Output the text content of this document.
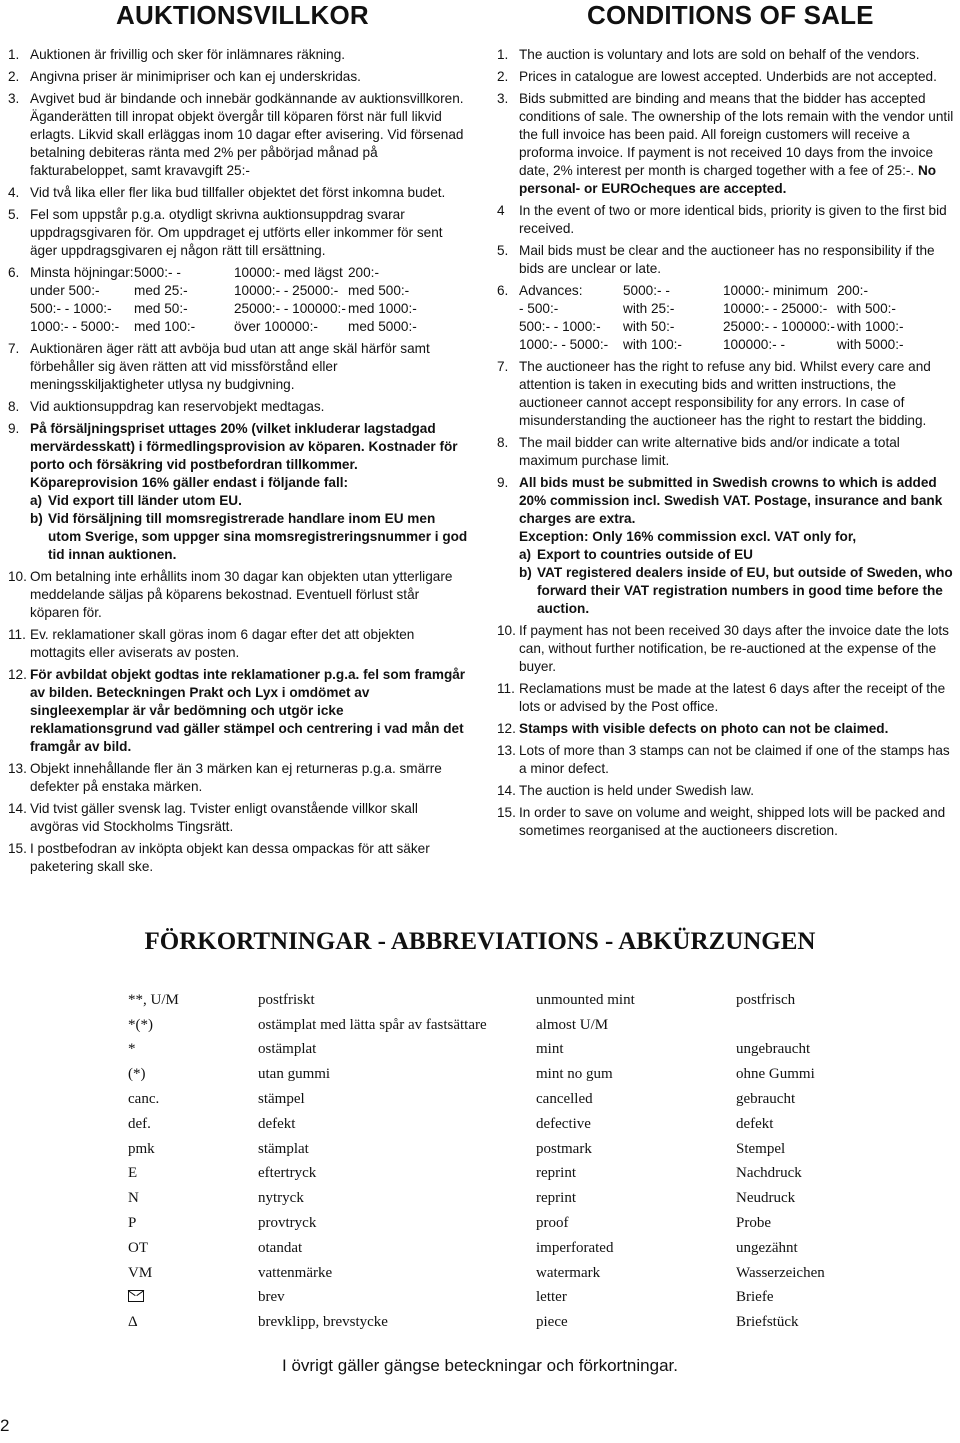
AUKTIONSVILLKOR
1. Auktionen är frivillig och sker för inlämnares räkning.
2. Angivna priser är minimipriser och kan ej underskridas.
3. Avgivet bud är bindande och innebär godkännande av auktionsvillkoren. Äganderätten till inropat objekt övergår till köparen först när full likvid erlagts. Likvid skall erläggas inom 10 dagar efter avisering. Vid försenad betalning debiteras ränta med 2% per påbörjad månad på fakturabeloppet, samt kravavgift 25:-
4. Vid två lika eller fler lika bud tillfaller objektet det först inkomna budet.
5. Fel som uppstår p.g.a. otydligt skrivna auktionsuppdrag svarar uppdragsgivaren för. Om uppdraget ej utförts eller inkommer för sent äger uppdragsgivaren ej någon rätt till ersättning.
6. Minsta höjningar: 5000:- -	10000:- med lägst 200:-
under 500:-	med 25:-	10000:- - 25000:- med 500:-
500:- - 1000:-	med 50:-	25000:- - 100000:- med 1000:-
1000:- - 5000:-	med 100:-	över 100000:-	med 5000:-
7. Auktionären äger rätt att avböja bud utan att ange skäl härför samt förbehåller sig även rätten att vid missförstånd eller meningsskiljaktigheter utlysa ny budgivning.
8. Vid auktionsuppdrag kan reservobjekt medtagas.
9. På försäljningspriset uttages 20% (vilket inkluderar lagstadgad mervärdesskatt) i förmedlingsprovision av köparen. Kostnader för porto och försäkring vid postbefordran tillkommer.
Köpareprovision 16% gäller endast i följande fall:
a) Vid export till länder utom EU.
b) Vid försäljning till momsregistrerade handlare inom EU men utom Sverige, som uppger sina momsregistreringsnummer i god tid innan auktionen.
10. Om betalning inte erhållits inom 30 dagar kan objekten utan ytterligare meddelande säljas på köparens bekostnad. Eventuell förlust står köparen för.
11. Ev. reklamationer skall göras inom 6 dagar efter det att objekten mottagits eller aviserats av posten.
12. För avbildat objekt godtas inte reklamationer p.g.a. fel som framgår av bilden. Beteckningen Prakt och Lyx i omdömet av singleexemplar är vår bedömning och utgör icke reklamationsgrund vad gäller stämpel och centrering i vad mån det framgår av bild.
13. Objekt innehållande fler än 3 märken kan ej returneras p.g.a. smärre defekter på enstaka märken.
14. Vid tvist gäller svensk lag. Tvister enligt ovanstående villkor skall avgöras vid Stockholms Tingsrätt.
15. I postbefodran av inköpta objekt kan dessa ompackas för att säker paketering skall ske.
CONDITIONS OF SALE
1. The auction is voluntary and lots are sold on behalf of the vendors.
2. Prices in catalogue are lowest accepted. Underbids are not accepted.
3. Bids submitted are binding and means that the bidder has accepted conditions of sale. The ownership of the lots remain with the vendor until the full invoice has been paid. All foreign customers will receive a proforma invoice. If payment is not received 10 days from the invoice date, 2% interest per month is charged together with a fee of 25:-. No personal- or EUROcheques are accepted.
4	In the event of two or more identical bids, priority is given to the first bid received.
5. Mail bids must be clear and the auctioneer has no responsibility if the bids are unclear or late.
6. Advances:	5000:- -	10000:- minimum 200:-
- 500:-	with 25:-	10000:- - 25000:- with 500:-
500:- - 1000:-	with 50:-	25000:- - 100000:- with 1000:-
1000:- - 5000:-	with 100:-	100000:- -	with 5000:-
7. The auctioneer has the right to refuse any bid. Whilst every care and attention is taken in executing bids and written instructions, the auctioneer cannot accept responsibility for any errors. In case of misunderstanding the auctioneer has the right to restart the bidding.
8. The mail bidder can write alternative bids and/or indicate a total maximum purchase limit.
9. All bids must be submitted in Swedish crowns to which is added 20% commission incl. Swedish VAT. Postage, insurance and bank charges are extra.
Exception: Only 16% commission excl. VAT only for,
a) Export to countries outside of EU
b) VAT registered dealers inside of EU, but outside of Sweden, who forward their VAT registration numbers in good time before the auction.
10. If payment has not been received 30 days after the invoice date the lots can, without further notification, be re-auctioned at the expense of the buyer.
11. Reclamations must be made at the latest 6 days after the receipt of the lots or advised by the Post office.
12. Stamps with visible defects on photo can not be claimed.
13. Lots of more than 3 stamps can not be claimed if one of the stamps has a minor defect.
14. The auction is held under Swedish law.
15. In order to save on volume and weight, shipped lots will be packed and sometimes reorganised at the auctioneers discretion.
FÖRKORTNINGAR - ABBREVIATIONS - ABKÜRZUNGEN
**, U/M	postfriskt	unmounted mint	postfrisch
*(*)	ostämplat med lätta spår av fastsättare	almost U/M	
*	ostämplat	mint	ungebraucht
(*)	utan gummi	mint no gum	ohne Gummi
canc.	stämpel	cancelled	gebraucht
def.	defekt	defective	defekt
pmk	stämplat	postmark	Stempel
E	eftertryck	reprint	Nachdruck
N	nytryck	reprint	Neudruck
P	provtryck	proof	Probe
OT	otandat	imperforated	ungezähnt
VM	vattenmärke	watermark	Wasserzeichen
	brev	letter	Briefe
Δ	brevklipp, brevstycke	piece	Briefstück
I övrigt gäller gängse beteckningar och förkortningar.
2
